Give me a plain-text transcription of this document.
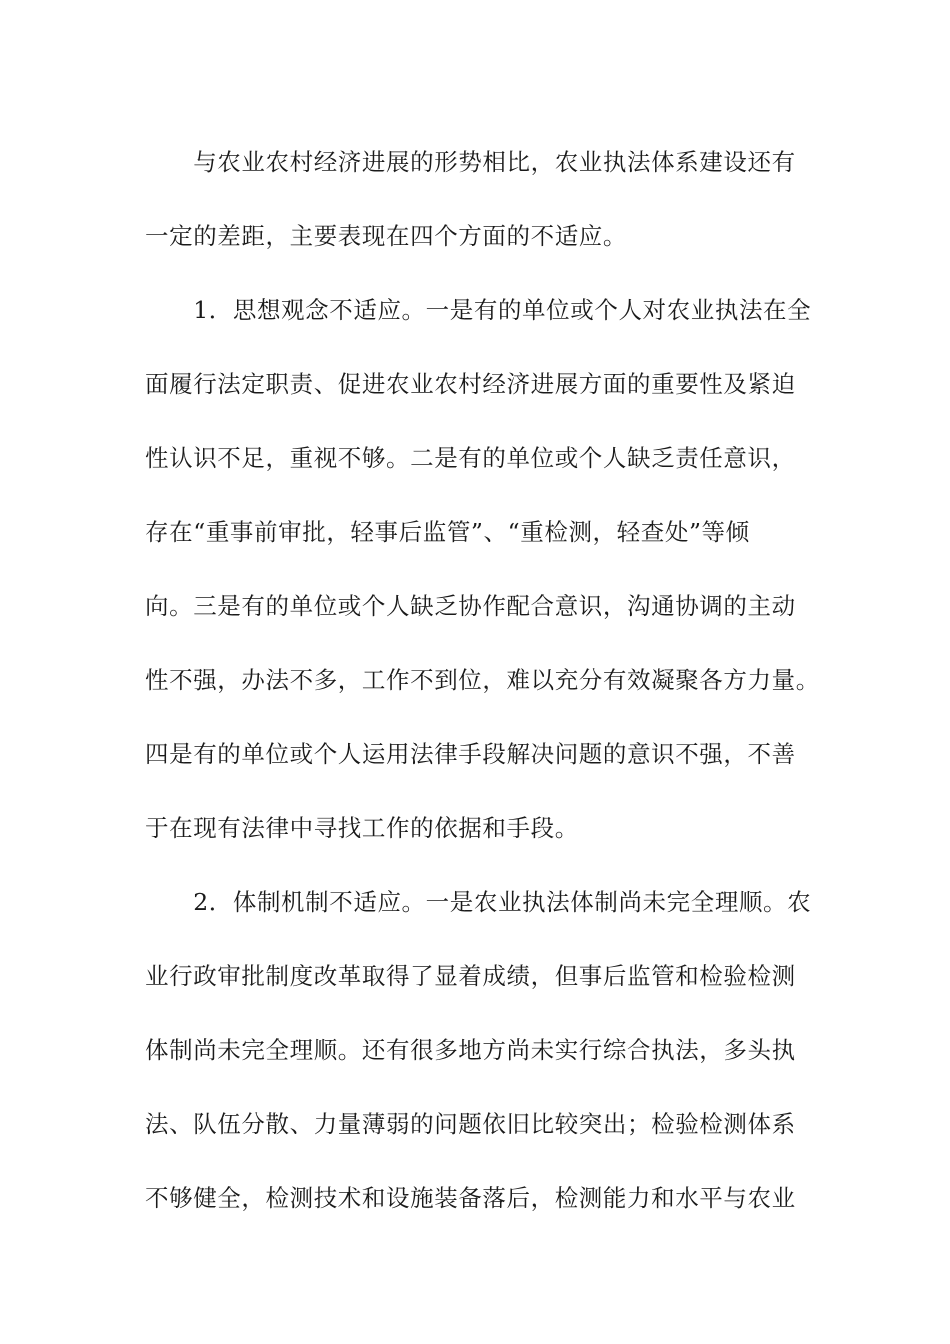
　　与农业农村经济进展的形势相比，农业执法体系建设还有
一定的差距，主要表现在四个方面的不适应。
　　1．思想观念不适应。一是有的单位或个人对农业执法在全
面履行法定职责、促进农业农村经济进展方面的重要性及紧迫
性认识不足，重视不够。二是有的单位或个人缺乏责任意识，
存在“重事前审批，轻事后监管”、“重检测，轻查处”等倾
向。三是有的单位或个人缺乏协作配合意识，沟通协调的主动
性不强，办法不多，工作不到位，难以充分有效凝聚各方力量。
四是有的单位或个人运用法律手段解决问题的意识不强，不善
于在现有法律中寻找工作的依据和手段。
　　2．体制机制不适应。一是农业执法体制尚未完全理顺。农
业行政审批制度改革取得了显着成绩，但事后监管和检验检测
体制尚未完全理顺。还有很多地方尚未实行综合执法，多头执
法、队伍分散、力量薄弱的问题依旧比较突出；检验检测体系
不够健全，检测技术和设施装备落后，检测能力和水平与农业
